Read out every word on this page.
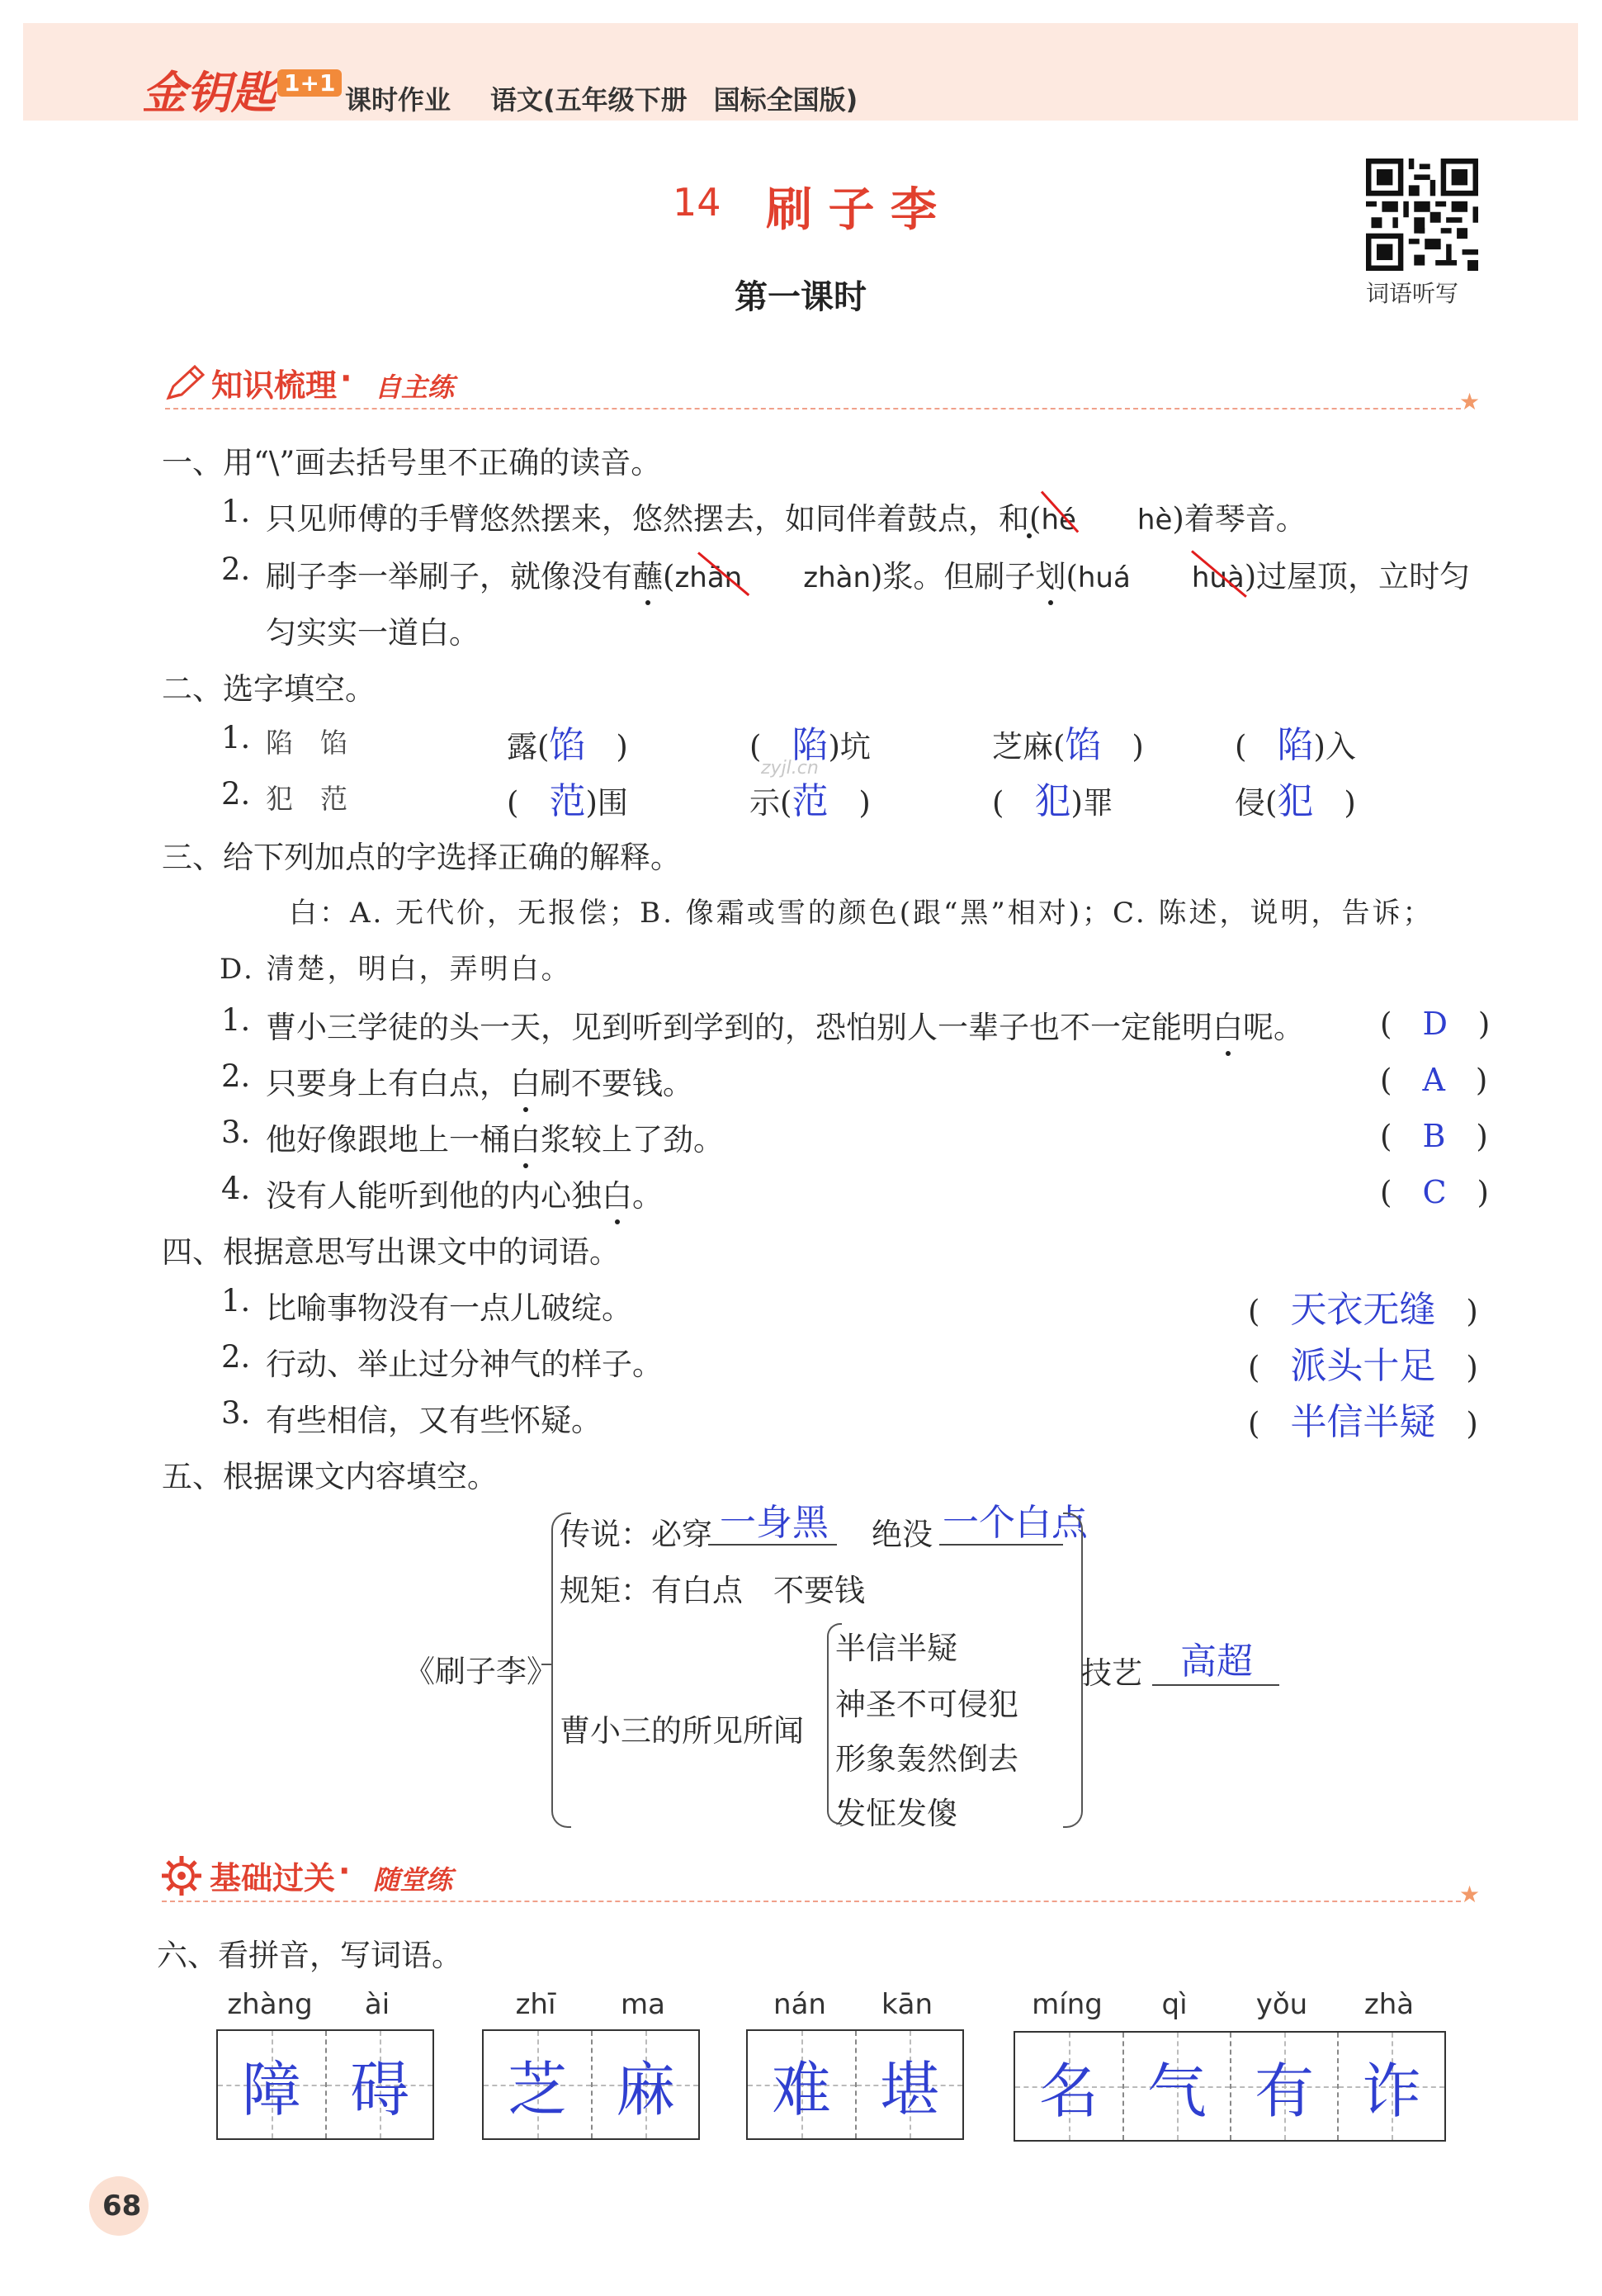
金钥匙 1+1
课时作业 语文(五年级下册　国标全国版)
14 刷 子 李
第一课时	词语听写
知识梳理 · 自主练	★
一、用“\”画去括号里不正确的读音。
1. 只见师傅的手臂悠然摆来，悠然摆去，如同伴着鼓点，和(hé　　 hè)着琴音。
2. 刷子李一举刷子，就像没有蘸(zhān　　 zhàn)浆。但刷子划(huá　　 huà)过屋顶，立时匀
匀实实一道白。
二、选字填空。
1. 陷　馅	露(馅　)	(　 陷)坑	芝麻(馅　)	(　 陷)入
2. 犯　范	(　 范)围	示(范　)	(　 犯)罪	侵(犯　)
zyjl.cn
三、给下列加点的字选择正确的解释。
白：A. 无代价，无报偿；B. 像霜或雪的颜色(跟“黑”相对)；C. 陈述，说明，告诉；
D. 清楚，明白，弄明白。
1. 曹小三学徒的头一天，见到听到学到的，恐怕别人一辈子也不一定能明白呢。 (　D　)
2. 只要身上有白点，白刷不要钱。	(　A　)
3. 他好像跟地上一桶白浆较上了劲。	(　B　)
4. 没有人能听到他的内心独白。	(　C　)
四、根据意思写出课文中的词语。
1. 比喻事物没有一点儿破绽。	(　天衣无缝　)
2. 行动、举止过分神气的样子。	(　派头十足　)
3. 有些相信，又有些怀疑。	(　半信半疑　)
五、根据课文内容填空。
《刷子李》
传说：必穿 一身黑 绝没 一个白点
规矩：有白点　不要钱
曹小三的所见所闻
半信半疑
神圣不可侵犯
形象轰然倒去
发怔发傻
技艺 高超
基础过关 · 随堂练	★
六、看拼音，写词语。
zhàng	ài
障 碍
zhī	ma
芝 麻
nán	kān
难 堪
míng	qì	yǒu	zhà
名 气 有 诈
68
